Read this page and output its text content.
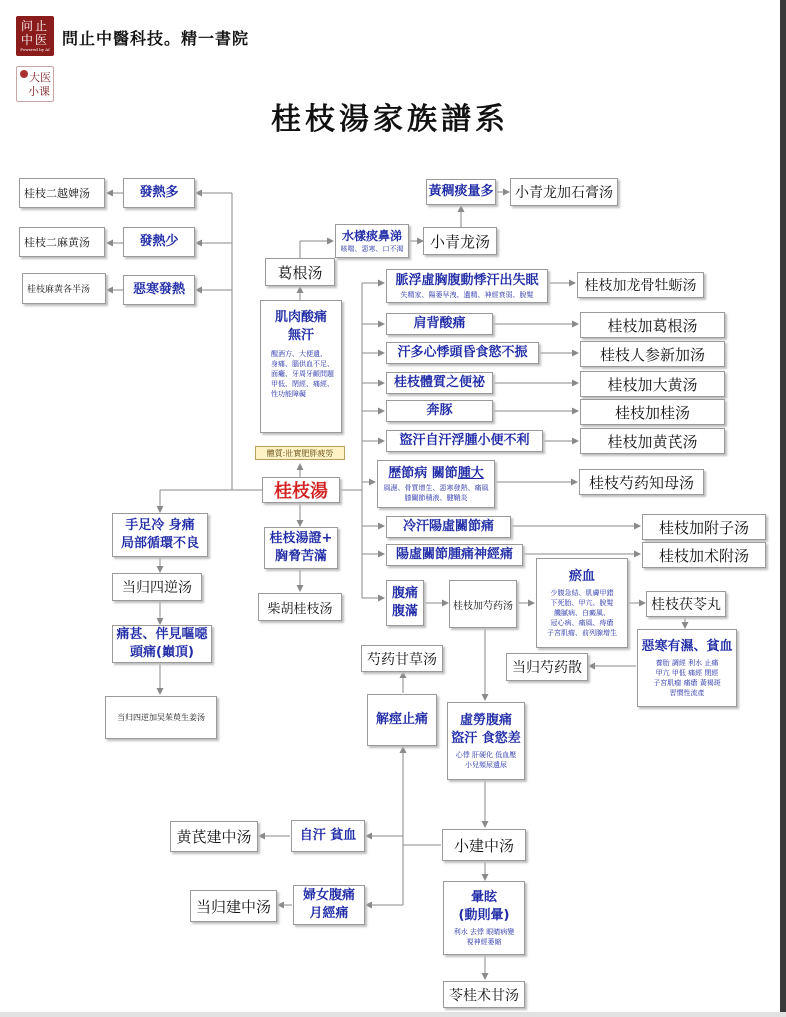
问止
中医
Powered by AI
大医
小课
問止中醫科技。精一書院
桂枝湯家族譜系
桂枝二越婢汤	發熱多
桂枝二麻黄汤	發熱少
桂枝麻黄各半汤	惡寒發熱
手足冷 身痛
局部循環不良
当归四逆汤
痛甚、伴見嘔噁
頭痛(巔頂)
当归四逆加吴茱萸生姜汤
葛根汤
肌肉酸痛
無汗
醒酒方、大便遺、
身痛、腦供血不足、
面癱、牙周牙齦問題
甲低、閉經、痛經、
性功能障礙
水樣痰鼻涕
咳喘、惡寒、口不渴	小青龙汤
黃稠痰量多	小青龙加石膏汤
體質:壯實肥胖疲勞
桂枝湯
脈浮虛胸腹動悸汗出失眠
失精家、陽萎早洩、遺精、神經衰弱、脫髮
桂枝加龙骨牡蛎汤
肩背酸痛	桂枝加葛根汤
汗多心悸頭昏食慾不振	桂枝人参新加汤
桂枝體質之便祕	桂枝加大黄汤
奔豚	桂枝加桂汤
盜汗自汗浮腫小便不利	桂枝加黄芪汤
歷節病 關節腫大
風濕、骨質增生、惡寒發熱、痛風
膝關節積液、腱鞘炎
桂枝芍药知母汤
冷汗陽虛關節痛	桂枝加附子汤
陽虛關節腫痛神經痛	桂枝加术附汤
桂枝湯證+
胸脅苦滿
柴胡桂枝汤
腹痛
腹滿	桂枝加芍药汤
瘀血
少腹急結、肌膚甲錯
下死胎、甲亢、脫髮
饑膩病、白癜風、
冠心病、痛風、痔瘡
子宮肌瘤、前列腺增生
桂枝茯苓丸
惡寒有濕、貧血
養胎 調經 利水 止痛
甲亢 甲低 痛經 閉經
子宮肌瘤 痛瘡 黃褐斑
習慣性流產
当归芍药散
芍药甘草汤
解痙止痛	虛勞腹痛
盜汗 食慾差
心悸 肝硬化 低血壓
小兒頻尿遺尿
小建中汤
自汗 貧血
黄芪建中汤
婦女腹痛
月經痛
当归建中汤	暈眩
(動則暈)
利水 去悸 眼睛病變
視神經萎縮
苓桂术甘汤
